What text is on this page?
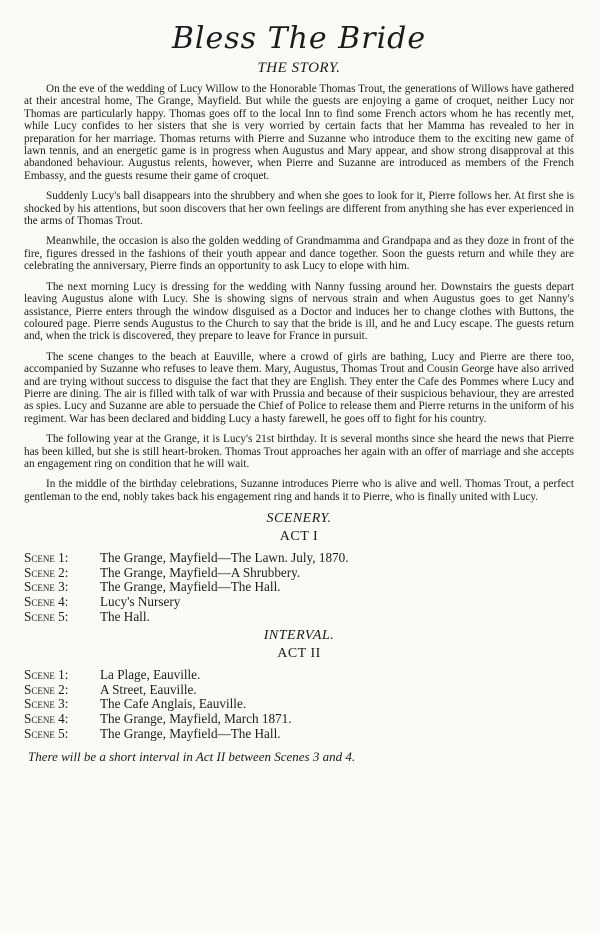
Bless The Bride
THE STORY.

On the eve of the wedding of Lucy Willow to the Honorable Thomas Trout, the generations of Willows have gathered at their ancestral home, The Grange, Mayfield. But while the guests are enjoying a game of croquet, neither Lucy nor Thomas are particularly happy. Thomas goes off to the local Inn to find some French actors whom he has recently met, while Lucy confides to her sisters that she is very worried by certain facts that her Mamma has revealed to her in preparation for her marriage. Thomas returns with Pierre and Suzanne who introduce them to the exciting new game of lawn tennis, and an energetic game is in progress when Augustus and Mary appear, and show strong disapproval at this abandoned behaviour. Augustus relents, however, when Pierre and Suzanne are introduced as members of the French Embassy, and the guests resume their game of croquet.

Suddenly Lucy's ball disappears into the shrubbery and when she goes to look for it, Pierre follows her. At first she is shocked by his attentions, but soon discovers that her own feelings are different from anything she has ever experienced in the arms of Thomas Trout.

Meanwhile, the occasion is also the golden wedding of Grandmamma and Grandpapa and as they doze in front of the fire, figures dressed in the fashions of their youth appear and dance together. Soon the guests return and while they are celebrating the anniversary, Pierre finds an opportunity to ask Lucy to elope with him.

The next morning Lucy is dressing for the wedding with Nanny fussing around her. Downstairs the guests depart leaving Augustus alone with Lucy. She is showing signs of nervous strain and when Augustus goes to get Nanny's assistance, Pierre enters through the window disguised as a Doctor and induces her to change clothes with Buttons, the coloured page. Pierre sends Augustus to the Church to say that the bride is ill, and he and Lucy escape. The guests return and, when the trick is discovered, they prepare to leave for France in pursuit.

The scene changes to the beach at Eauville, where a crowd of girls are bathing, Lucy and Pierre are there too, accompanied by Suzanne who refuses to leave them. Mary, Augustus, Thomas Trout and Cousin George have also arrived and are trying without success to disguise the fact that they are English. They enter the Cafe des Pommes where Lucy and Pierre are dining. The air is filled with talk of war with Prussia and because of their suspicious behaviour, they are arrested as spies. Lucy and Suzanne are able to persuade the Chief of Police to release them and Pierre returns in the uniform of his regiment. War has been declared and bidding Lucy a hasty farewell, he goes off to fight for his country.

The following year at the Grange, it is Lucy's 21st birthday. It is several months since she heard the news that Pierre has been killed, but she is still heart-broken. Thomas Trout approaches her again with an offer of marriage and she accepts an engagement ring on condition that he will wait.

In the middle of the birthday celebrations, Suzanne introduces Pierre who is alive and well. Thomas Trout, a perfect gentleman to the end, nobly takes back his engagement ring and hands it to Pierre, who is finally united with Lucy.

SCENERY.
ACT I
Scene 1:	The Grange, Mayfield—The Lawn. July, 1870.
Scene 2:	The Grange, Mayfield—A Shrubbery.
Scene 3:	The Grange, Mayfield—The Hall.
Scene 4:	Lucy's Nursery
Scene 5:	The Hall.
INTERVAL.
ACT II
Scene 1:	La Plage, Eauville.
Scene 2:	A Street, Eauville.
Scene 3:	The Cafe Anglais, Eauville.
Scene 4:	The Grange, Mayfield, March 1871.
Scene 5:	The Grange, Mayfield—The Hall.
There will be a short interval in Act II between Scenes 3 and 4.
